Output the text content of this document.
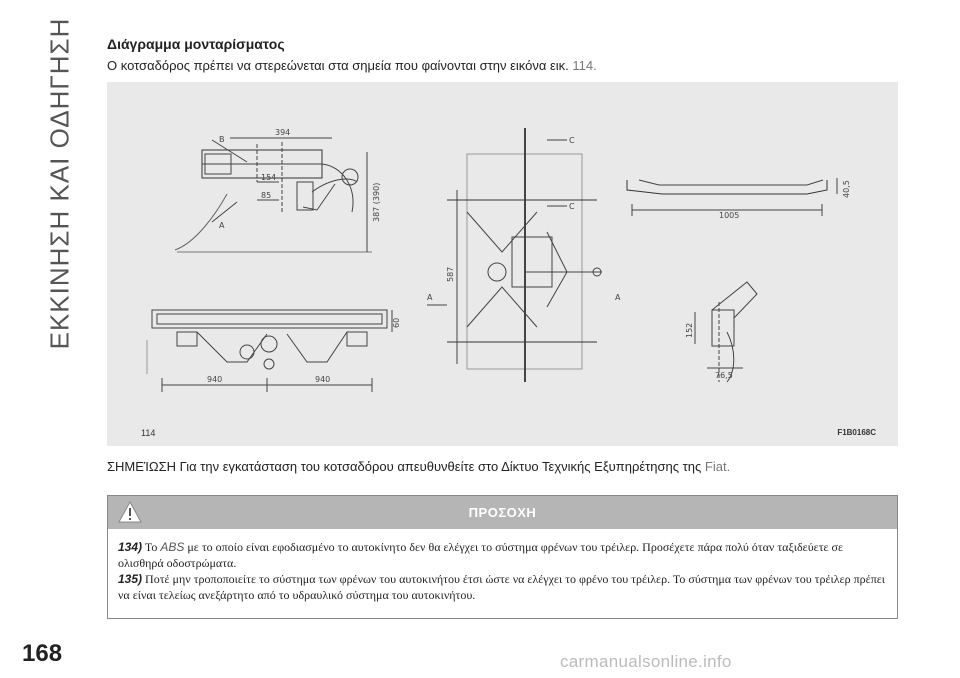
ΕΚΚΙΝΗΣΗ ΚΑΙ ΟΔΗΓΗΣΗ Διάγραμμα μονταρίσματος
Ο κοτσαδόρος πρέπει να στερεώνεται στα σημεία που φαίνονται στην εικόνα εικ. 114.
B
A
C
C
A	A
394
154
85	387 (390)	1005
40,5
587
940	940
60	152
76,5
114	F1B0168C
ΣΗΜΕΊΩΣΗ Για την εγκατάσταση του κοτσαδόρου απευθυνθείτε στο Δίκτυο Τεχνικής Εξυπηρέτησης της Fiat.
ΠΡΟΣΟΧΗ

134) Το ABS με το οποίο είναι εφοδιασμένο το αυτοκίνητο δεν θα ελέγχει το σύστημα φρένων του τρέιλερ. Προσέχετε πάρα πολύ όταν ταξιδεύετε σε ολισθηρά οδοστρώματα.

135) Ποτέ μην τροποποιείτε το σύστημα των φρένων του αυτοκινήτου έτσι ώστε να ελέγχει το φρένο του τρέιλερ. Το σύστημα των φρένων του τρέιλερ πρέπει να είναι τελείως ανεξάρτητο από το υδραυλικό σύστημα του αυτοκινήτου.

168	carmanualsonline.info
